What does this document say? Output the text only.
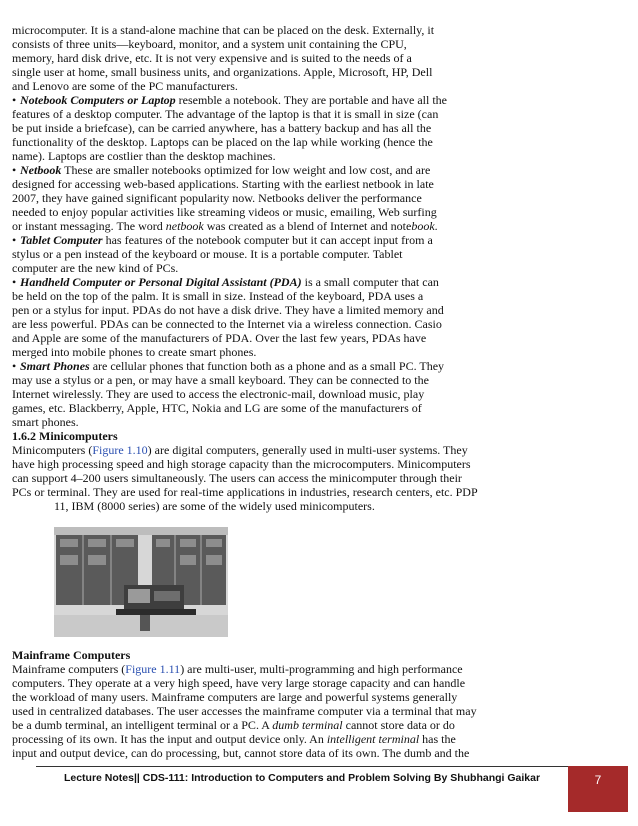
microcomputer. It is a stand-alone machine that can be placed on the desk. Externally, it
consists of three units—keyboard, monitor, and a system unit containing the CPU,
memory, hard disk drive, etc. It is not very expensive and is suited to the needs of a
single user at home, small business units, and organizations. Apple, Microsoft, HP, Dell
and Lenovo are some of the PC manufacturers.

• Notebook Computers or Laptop resemble a notebook. They are portable and have all the
features of a desktop computer. The advantage of the laptop is that it is small in size (can
be put inside a briefcase), can be carried anywhere, has a battery backup and has all the
functionality of the desktop. Laptops can be placed on the lap while working (hence the
name). Laptops are costlier than the desktop machines.

• Netbook These are smaller notebooks optimized for low weight and low cost, and are
designed for accessing web-based applications. Starting with the earliest netbook in late
2007, they have gained significant popularity now. Netbooks deliver the performance
needed to enjoy popular activities like streaming videos or music, emailing, Web surfing
or instant messaging. The word netbook was created as a blend of Internet and notebook.

• Tablet Computer has features of the notebook computer but it can accept input from a
stylus or a pen instead of the keyboard or mouse. It is a portable computer. Tablet
computer are the new kind of PCs.

• Handheld Computer or Personal Digital Assistant (PDA) is a small computer that can
be held on the top of the palm. It is small in size. Instead of the keyboard, PDA uses a
pen or a stylus for input. PDAs do not have a disk drive. They have a limited memory and
are less powerful. PDAs can be connected to the Internet via a wireless connection. Casio
and Apple are some of the manufacturers of PDA. Over the last few years, PDAs have
merged into mobile phones to create smart phones.

• Smart Phones are cellular phones that function both as a phone and as a small PC. They
may use a stylus or a pen, or may have a small keyboard. They can be connected to the
Internet wirelessly. They are used to access the electronic-mail, download music, play
games, etc. Blackberry, Apple, HTC, Nokia and LG are some of the manufacturers of
smart phones.

1.6.2 Minicomputers
Minicomputers (Figure 1.10) are digital computers, generally used in multi-user systems. They
have high processing speed and high storage capacity than the microcomputers. Minicomputers
can support 4–200 users simultaneously. The users can access the minicomputer through their
PCs or terminal. They are used for real-time applications in industries, research centers, etc. PDP
11, IBM (8000 series) are some of the widely used minicomputers.

Mainframe Computers
Mainframe computers (Figure 1.11) are multi-user, multi-programming and high performance
computers. They operate at a very high speed, have very large storage capacity and can handle
the workload of many users. Mainframe computers are large and powerful systems generally
used in centralized databases. The user accesses the mainframe computer via a terminal that may
be a dumb terminal, an intelligent terminal or a PC. A dumb terminal cannot store data or do
processing of its own. It has the input and output device only. An intelligent terminal has the
input and output device, can do processing, but, cannot store data of its own. The dumb and the

Lecture Notes|| CDS-111: Introduction to Computers and Problem Solving By Shubhangi Gaikar	7
